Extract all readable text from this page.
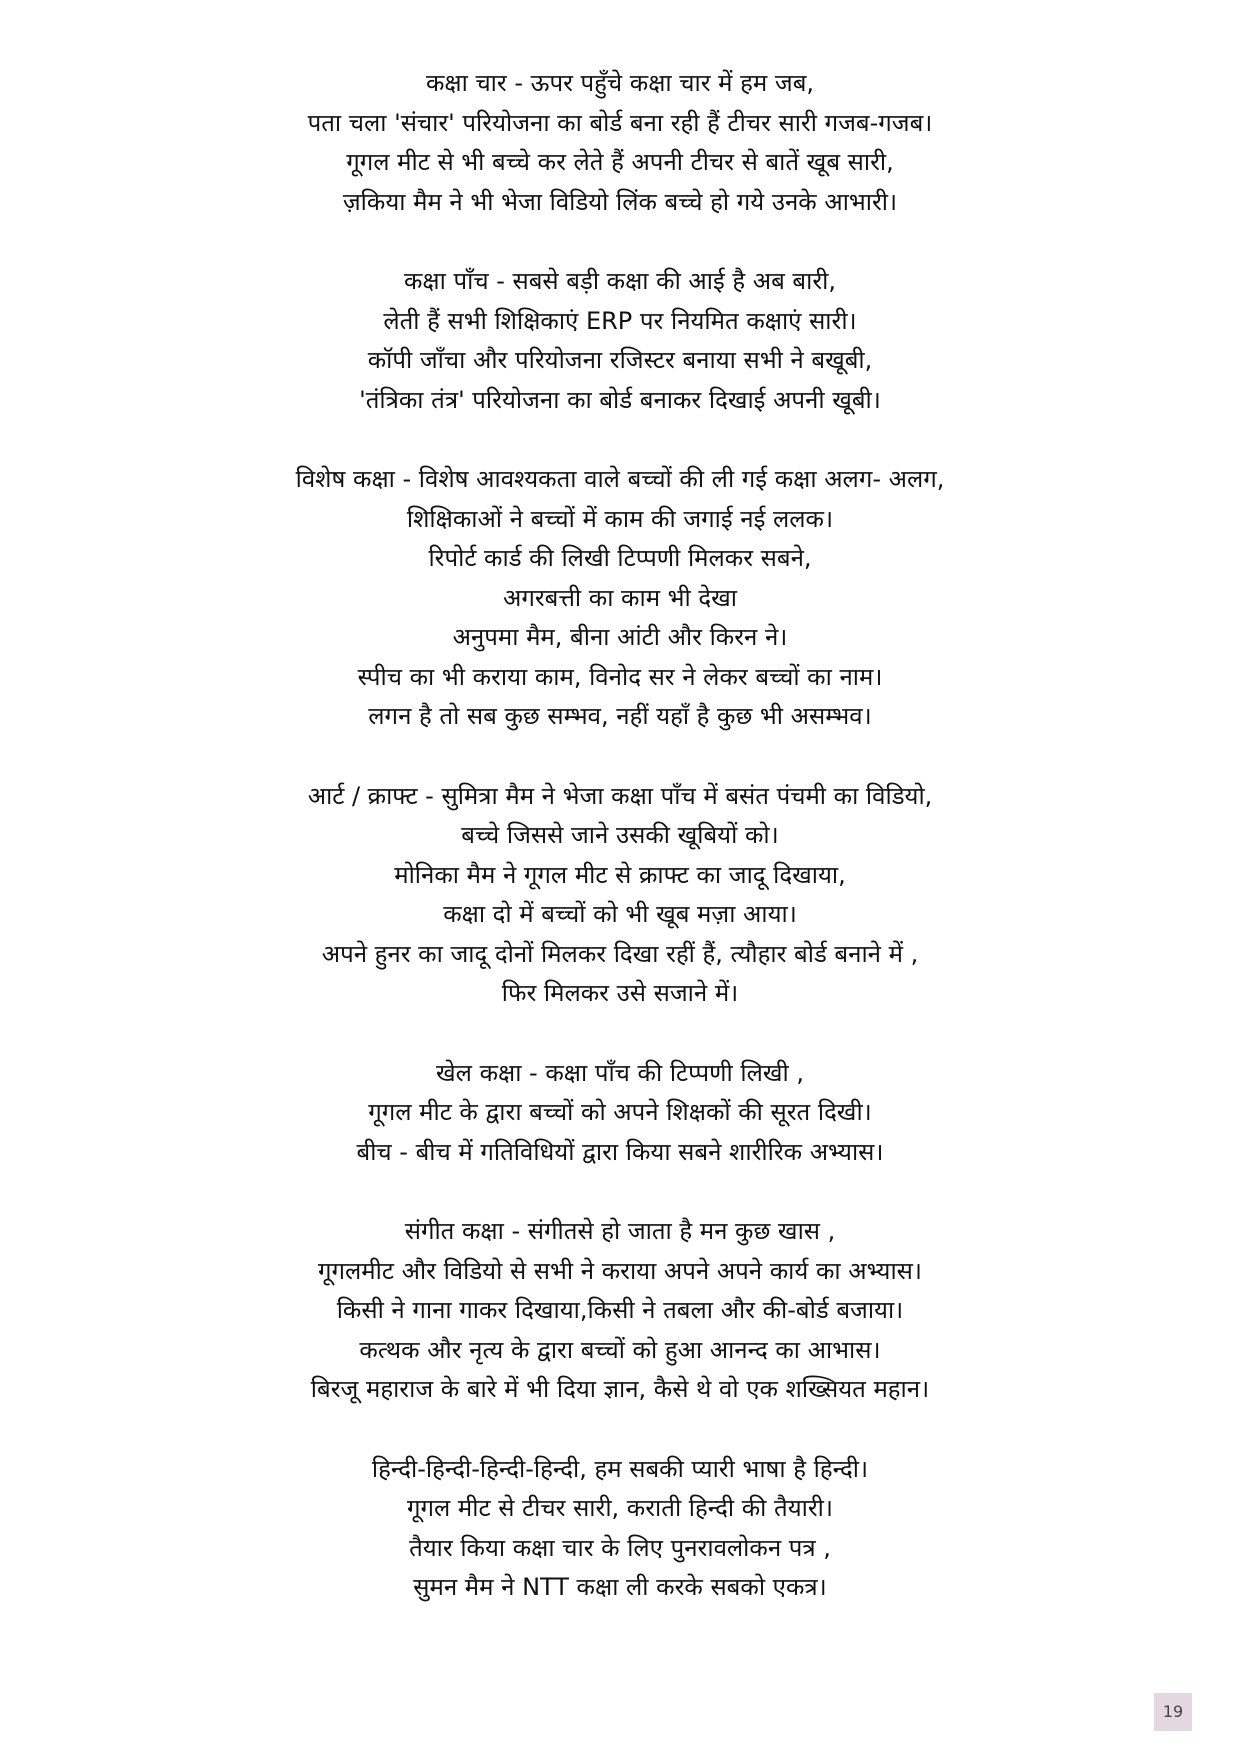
कक्षा चार - ऊपर पहुँचे कक्षा चार में हम जब,
पता चला 'संचार' परियोजना का बोर्ड बना रही हैं टीचर सारी गजब-गजब।
गूगल मीट से भी बच्चे कर लेते हैं अपनी टीचर से बातें खूब सारी,
ज़किया मैम ने भी भेजा विडियो लिंक बच्चे हो गये उनके आभारी।
कक्षा पाँच - सबसे बड़ी कक्षा की आई है अब बारी,
लेती हैं सभी शिक्षिकाएं ERP पर नियमित कक्षाएं सारी।
कॉपी जाँचा और परियोजना रजिस्टर बनाया सभी ने बखूबी,
'तंत्रिका तंत्र' परियोजना का बोर्ड बनाकर दिखाई अपनी खूबी।
विशेष कक्षा - विशेष आवश्यकता वाले बच्चों की ली गई कक्षा अलग- अलग,
शिक्षिकाओं ने बच्चों में काम की जगाई नई ललक।
रिपोर्ट कार्ड की लिखी टिप्पणी मिलकर सबने,
अगरबत्ती का काम भी देखा
अनुपमा मैम, बीना आंटी और किरन ने।
स्पीच का भी कराया काम, विनोद सर ने लेकर बच्चों का नाम।
लगन है तो सब कुछ सम्भव, नहीं यहाँ है कुछ भी असम्भव।
आर्ट / क्राफ्ट - सुमित्रा मैम ने भेजा कक्षा पाँच में बसंत पंचमी का विडियो,
बच्चे जिससे जाने उसकी खूबियों को।
मोनिका मैम ने गूगल मीट से क्राफ्ट का जादू दिखाया,
कक्षा दो में बच्चों को भी खूब मज़ा आया।
अपने हुनर का जादू दोनों मिलकर दिखा रहीं हैं, त्यौहार बोर्ड बनाने में ,
फिर मिलकर उसे सजाने में।
खेल कक्षा - कक्षा पाँच की टिप्पणी लिखी ,
गूगल मीट के द्वारा बच्चों को अपने शिक्षकों की सूरत दिखी।
बीच - बीच में गतिविधियों द्वारा किया सबने शारीरिक अभ्यास।
संगीत कक्षा - संगीतसे हो जाता है मन कुछ खास ,
गूगलमीट और विडियो से सभी ने कराया अपने अपने कार्य का अभ्यास।
किसी ने गाना गाकर दिखाया,किसी ने तबला और की-बोर्ड बजाया।
कत्थक और नृत्य के द्वारा बच्चों को हुआ आनन्द का आभास।
बिरजू महाराज के बारे में भी दिया ज्ञान, कैसे थे वो एक शख्सियत महान।
हिन्दी-हिन्दी-हिन्दी-हिन्दी, हम सबकी प्यारी भाषा है हिन्दी।
गूगल मीट से टीचर सारी, कराती हिन्दी की तैयारी।
तैयार किया कक्षा चार के लिए पुनरावलोकन पत्र ,
सुमन मैम ने NTT कक्षा ली करके सबको एकत्र।
19
